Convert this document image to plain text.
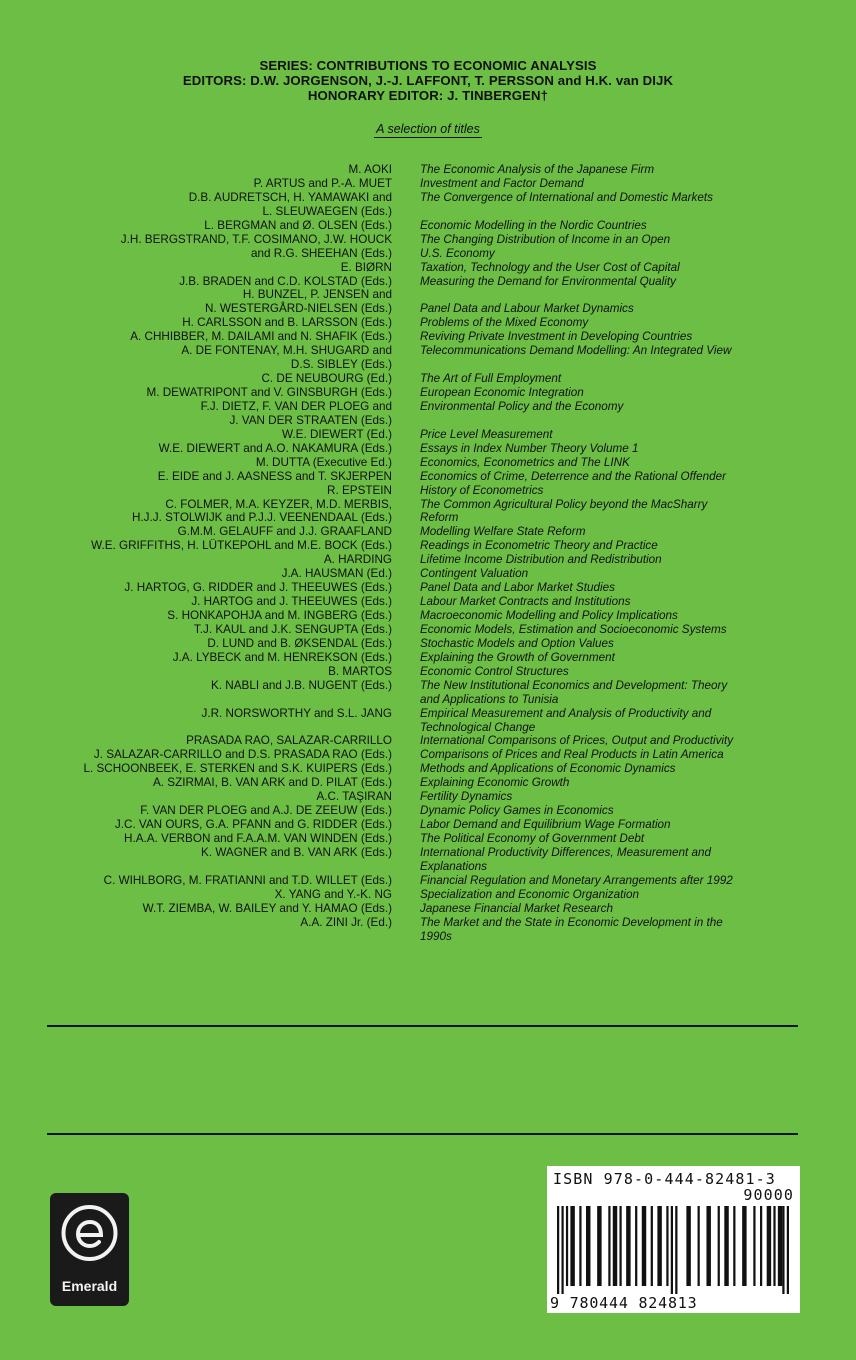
SERIES: CONTRIBUTIONS TO ECONOMIC ANALYSIS
EDITORS: D.W. JORGENSON, J.-J. LAFFONT, T. PERSSON and H.K. van DIJK
HONORARY EDITOR: J. TINBERGEN†
A selection of titles
M. AOKI The Economic Analysis of the Japanese Firm
P. ARTUS and P.-A. MUET Investment and Factor Demand
D.B. AUDRETSCH, H. YAMAWAKI and
L. SLEUWAEGEN (Eds.)
The Convergence of International and Domestic Markets
L. BERGMAN and Ø. OLSEN (Eds.) Economic Modelling in the Nordic Countries
J.H. BERGSTRAND, T.F. COSIMANO, J.W. HOUCK
and R.G. SHEEHAN (Eds.)
The Changing Distribution of Income in an Open
U.S. Economy
E. BIØRN Taxation, Technology and the User Cost of Capital
J.B. BRADEN and C.D. KOLSTAD (Eds.) Measuring the Demand for Environmental Quality
H. BUNZEL, P. JENSEN and
N. WESTERGÅRD-NIELSEN (Eds.) Panel Data and Labour Market Dynamics
H. CARLSSON and B. LARSSON (Eds.) Problems of the Mixed Economy
A. CHHIBBER, M. DAILAMI and N. SHAFIK (Eds.) Reviving Private Investment in Developing Countries
A. DE FONTENAY, M.H. SHUGARD and
D.S. SIBLEY (Eds.)
Telecommunications Demand Modelling: An Integrated View
C. DE NEUBOURG (Ed.) The Art of Full Employment
M. DEWATRIPONT and V. GINSBURGH (Eds.) European Economic Integration
F.J. DIETZ, F. VAN DER PLOEG and
J. VAN DER STRAATEN (Eds.)
Environmental Policy and the Economy
W.E. DIEWERT (Ed.) Price Level Measurement
W.E. DIEWERT and A.O. NAKAMURA (Eds.) Essays in Index Number Theory Volume 1
M. DUTTA (Executive Ed.) Economics, Econometrics and The LINK
E. EIDE and J. AASNESS and T. SKJERPEN Economics of Crime, Deterrence and the Rational Offender
R. EPSTEIN History of Econometrics
C. FOLMER, M.A. KEYZER, M.D. MERBIS,
H.J.J. STOLWIJK and P.J.J. VEENENDAAL (Eds.)
The Common Agricultural Policy beyond the MacSharry
Reform
G.M.M. GELAUFF and J.J. GRAAFLAND Modelling Welfare State Reform
W.E. GRIFFITHS, H. LÜTKEPOHL and M.E. BOCK (Eds.) Readings in Econometric Theory and Practice
A. HARDING Lifetime Income Distribution and Redistribution
J.A. HAUSMAN (Ed.) Contingent Valuation
J. HARTOG, G. RIDDER and J. THEEUWES (Eds.) Panel Data and Labor Market Studies
J. HARTOG and J. THEEUWES (Eds.) Labour Market Contracts and Institutions
S. HONKAPOHJA and M. INGBERG (Eds.) Macroeconomic Modelling and Policy Implications
T.J. KAUL and J.K. SENGUPTA (Eds.) Economic Models, Estimation and Socioeconomic Systems
D. LUND and B. ØKSENDAL (Eds.) Stochastic Models and Option Values
J.A. LYBECK and M. HENREKSON (Eds.) Explaining the Growth of Government
B. MARTOS Economic Control Structures
K. NABLI and J.B. NUGENT (Eds.) The New Institutional Economics and Development: Theory
and Applications to Tunisia
J.R. NORSWORTHY and S.L. JANG Empirical Measurement and Analysis of Productivity and
Technological Change
PRASADA RAO, SALAZAR-CARRILLO International Comparisons of Prices, Output and Productivity
J. SALAZAR-CARRILLO and D.S. PRASADA RAO (Eds.) Comparisons of Prices and Real Products in Latin America
L. SCHOONBEEK, E. STERKEN and S.K. KUIPERS (Eds.) Methods and Applications of Economic Dynamics
A. SZIRMAI, B. VAN ARK and D. PILAT (Eds.) Explaining Economic Growth
A.C. TAŞIRAN Fertility Dynamics
F. VAN DER PLOEG and A.J. DE ZEEUW (Eds.) Dynamic Policy Games in Economics
J.C. VAN OURS, G.A. PFANN and G. RIDDER (Eds.) Labor Demand and Equilibrium Wage Formation
H.A.A. VERBON and F.A.A.M. VAN WINDEN (Eds.) The Political Economy of Government Debt
K. WAGNER and B. VAN ARK (Eds.) International Productivity Differences, Measurement and
Explanations
C. WIHLBORG, M. FRATIANNI and T.D. WILLET (Eds.) Financial Regulation and Monetary Arrangements after 1992
X. YANG and Y.-K. NG Specialization and Economic Organization
W.T. ZIEMBA, W. BAILEY and Y. HAMAO (Eds.) Japanese Financial Market Research
A.A. ZINI Jr. (Ed.) The Market and the State in Economic Development in the
1990s
Emerald
ISBN 978-0-444-82481-3
90000
9 780444 824813
